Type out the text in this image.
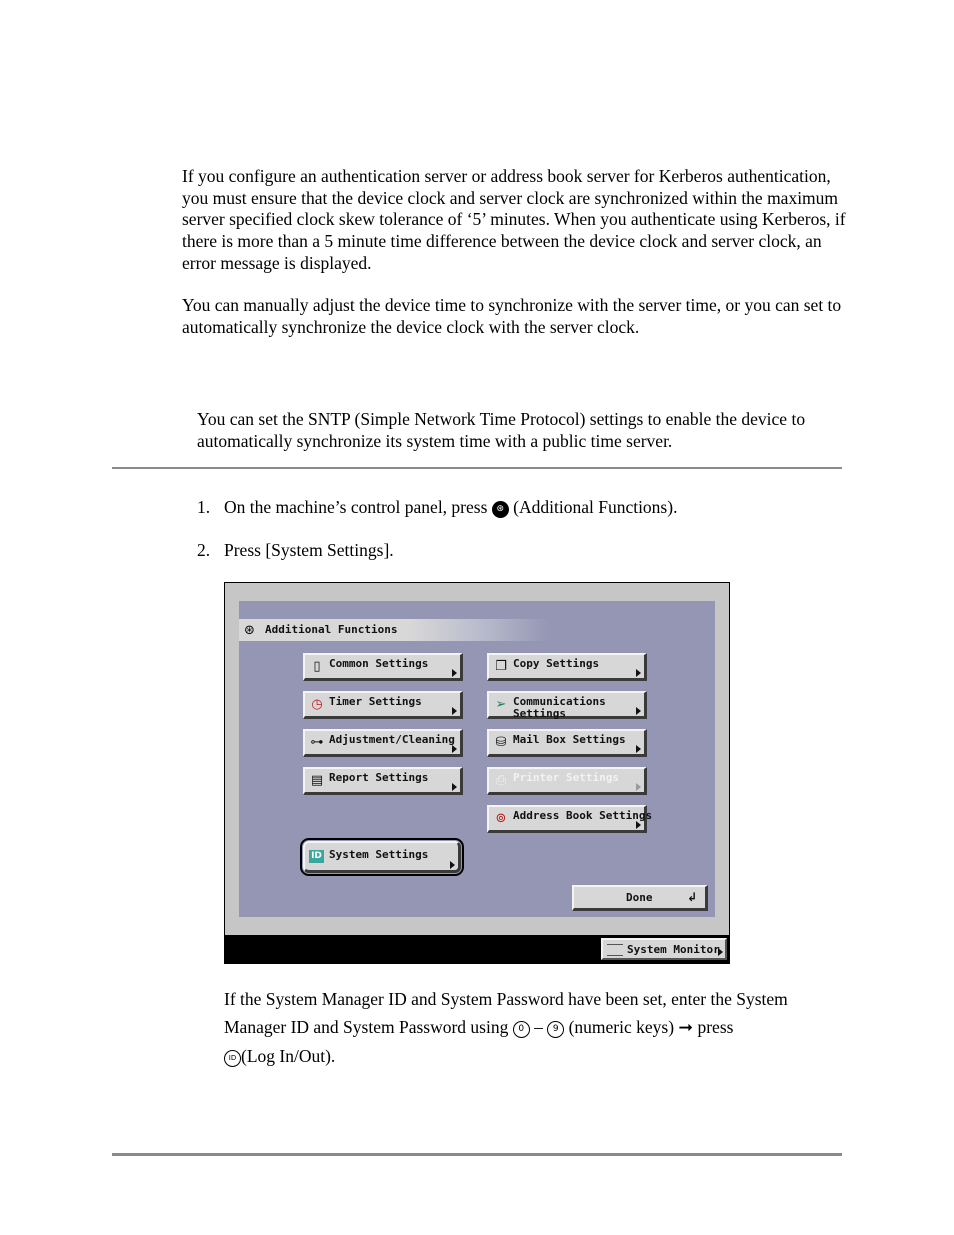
If you configure an authentication server or address book server for Kerberos authentication, you must ensure that the device clock and server clock are synchronized within the maximum server specified clock skew tolerance of ‘5’ minutes. When you authenticate using Kerberos, if there is more than a 5 minute time difference between the device clock and server clock, an error message is displayed.

You can manually adjust the device time to synchronize with the server time, or you can set to automatically synchronize the device clock with the server clock.

You can set the SNTP (Simple Network Time Protocol) settings to enable the device to automatically synchronize its system time with a public time server.

1. On the machine’s control panel, press ⊛ (Additional Functions).
2. Press [System Settings].
⊛ Additional Functions
▯ Common Settings	❐ Copy Settings
◷ Timer Settings	➢ Communications
Settings
⊶ Adjustment/Cleaning	⛁ Mail Box Settings
▤ Report Settings	⎙ Printer Settings
⊚ Address Book Settings
ID System Settings
Done	↲
System Monitor
If the System Manager ID and System Password have been set, enter the System
Manager ID and System Password using 0 – 9 (numeric keys) ➞ press
ID (Log In/Out).
